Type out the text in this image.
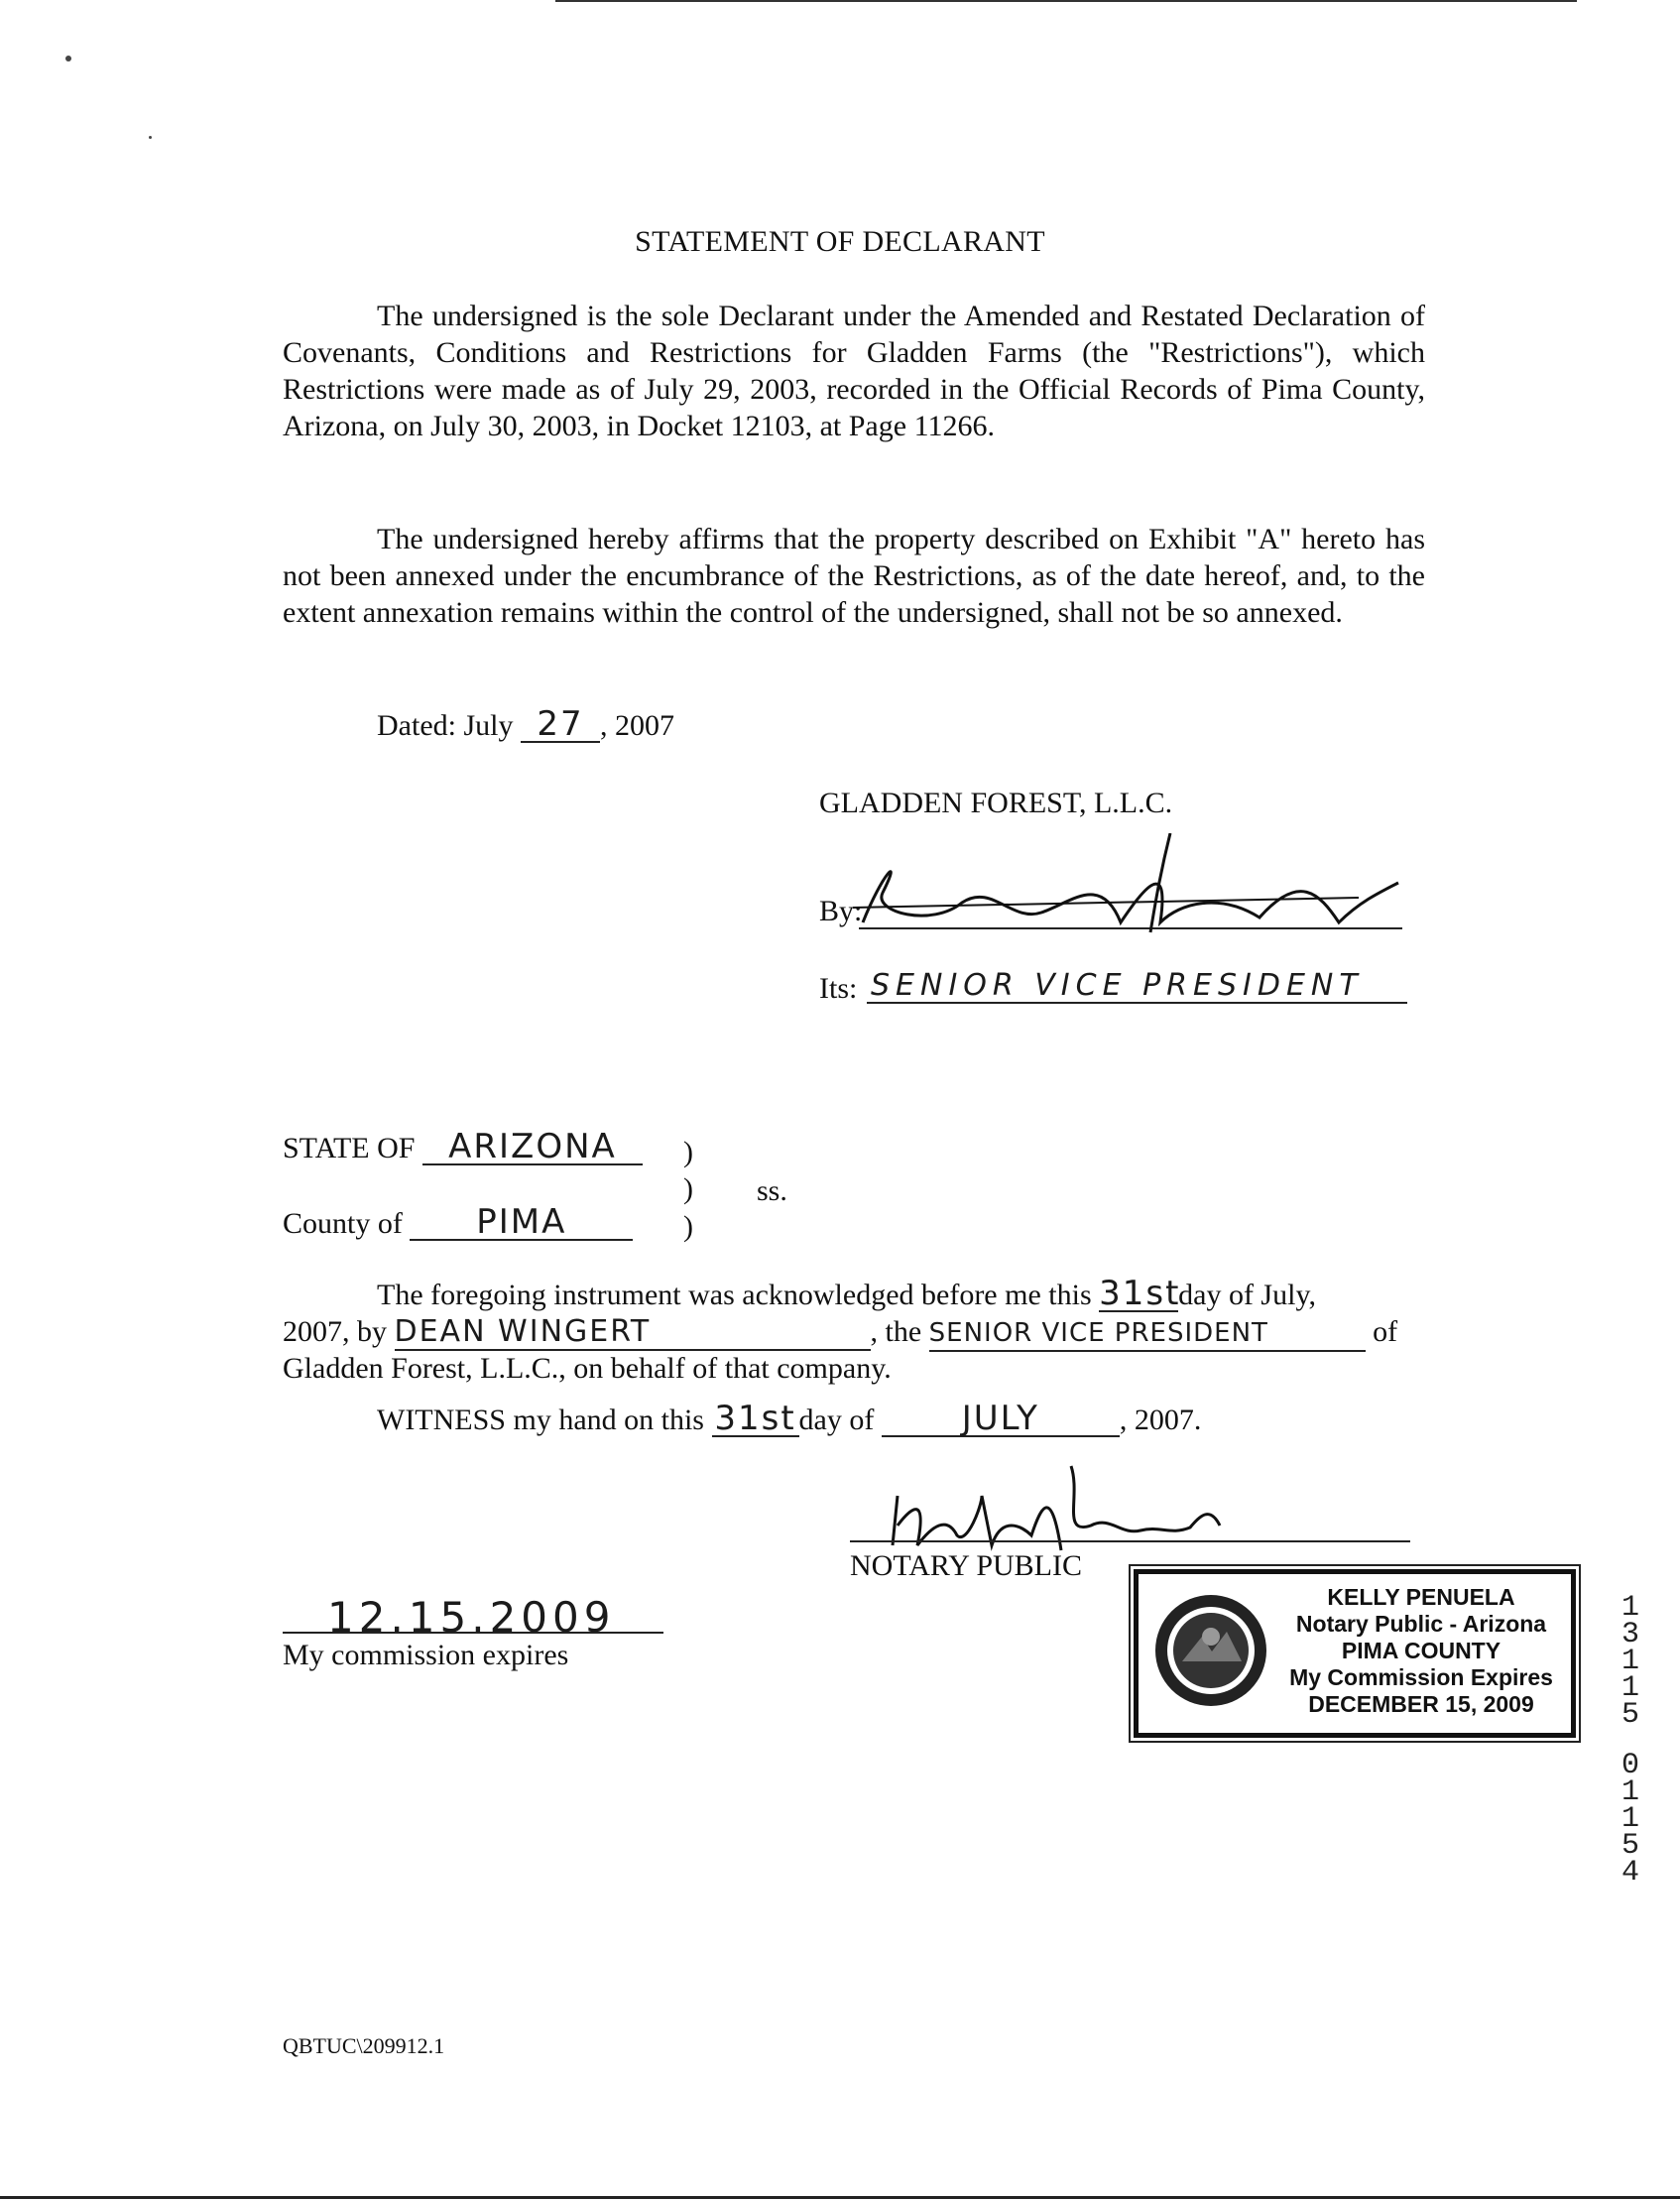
STATEMENT OF DECLARANT
The undersigned is the sole Declarant under the Amended and Restated Declaration of Covenants, Conditions and Restrictions for Gladden Farms (the "Restrictions"), which Restrictions were made as of July 29, 2003, recorded in the Official Records of Pima County, Arizona, on July 30, 2003, in Docket 12103, at Page 11266.
The undersigned hereby affirms that the property described on Exhibit "A" hereto has not been annexed under the encumbrance of the Restrictions, as of the date hereof, and, to the extent annexation remains within the control of the undersigned, shall not be so annexed.
Dated: July 27 , 2007
GLADDEN FOREST, L.L.C.
By:
Its: SENIOR VICE PRESIDENT
STATE OF ARIZONA	)
) ss.
County of PIMA	)
The foregoing instrument was acknowledged before me this 31stday of July,
2007, by DEAN WINGERT	, the SENIOR VICE PRESIDENT	of
Gladden Forest, L.L.C., on behalf of that company.
WITNESS my hand on this 31stday of	JULY	, 2007.
NOTARY PUBLIC
12.15.2009
My commission expires
KELLY PENUELA
Notary Public - Arizona
PIMA COUNTY
My Commission Expires
DECEMBER 15, 2009
1
3
1
1
5
0
1
1
5
4
QBTUC\209912.1
